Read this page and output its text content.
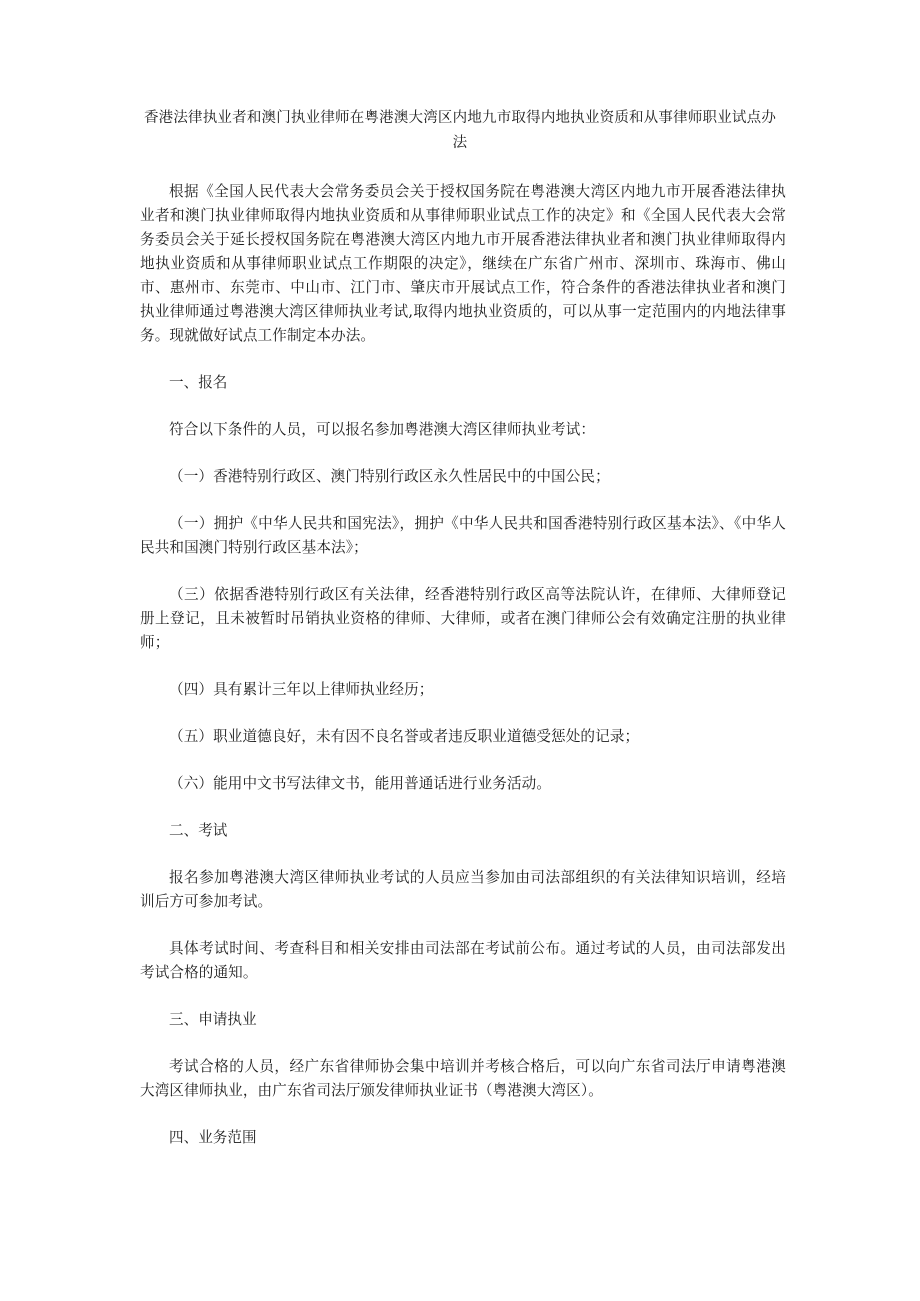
香港法律执业者和澳门执业律师在粤港澳大湾区内地九市取得内地执业资质和从事律师职业试点办法

根据《全国人民代表大会常务委员会关于授权国务院在粤港澳大湾区内地九市开展香港法律执业者和澳门执业律师取得内地执业资质和从事律师职业试点工作的决定》和《全国人民代表大会常务委员会关于延长授权国务院在粤港澳大湾区内地九市开展香港法律执业者和澳门执业律师取得内地执业资质和从事律师职业试点工作期限的决定》，继续在广东省广州市、深圳市、珠海市、佛山市、惠州市、东莞市、中山市、江门市、肇庆市开展试点工作，符合条件的香港法律执业者和澳门执业律师通过粤港澳大湾区律师执业考试,取得内地执业资质的，可以从事一定范围内的内地法律事务。现就做好试点工作制定本办法。

一、报名

符合以下条件的人员，可以报名参加粤港澳大湾区律师执业考试：

（一）香港特别行政区、澳门特别行政区永久性居民中的中国公民；

（一）拥护《中华人民共和国宪法》，拥护《中华人民共和国香港特别行政区基本法》、《中华人民共和国澳门特别行政区基本法》；

（三）依据香港特别行政区有关法律，经香港特别行政区高等法院认许，在律师、大律师登记册上登记，且未被暂时吊销执业资格的律师、大律师，或者在澳门律师公会有效确定注册的执业律师；

（四）具有累计三年以上律师执业经历；

（五）职业道德良好，未有因不良名誉或者违反职业道德受惩处的记录；

（六）能用中文书写法律文书，能用普通话进行业务活动。

二、考试

报名参加粤港澳大湾区律师执业考试的人员应当参加由司法部组织的有关法律知识培训，经培训后方可参加考试。

具体考试时间、考查科目和相关安排由司法部在考试前公布。通过考试的人员，由司法部发出考试合格的通知。

三、申请执业

考试合格的人员，经广东省律师协会集中培训并考核合格后，可以向广东省司法厅申请粤港澳大湾区律师执业，由广东省司法厅颁发律师执业证书（粤港澳大湾区）。

四、业务范围
